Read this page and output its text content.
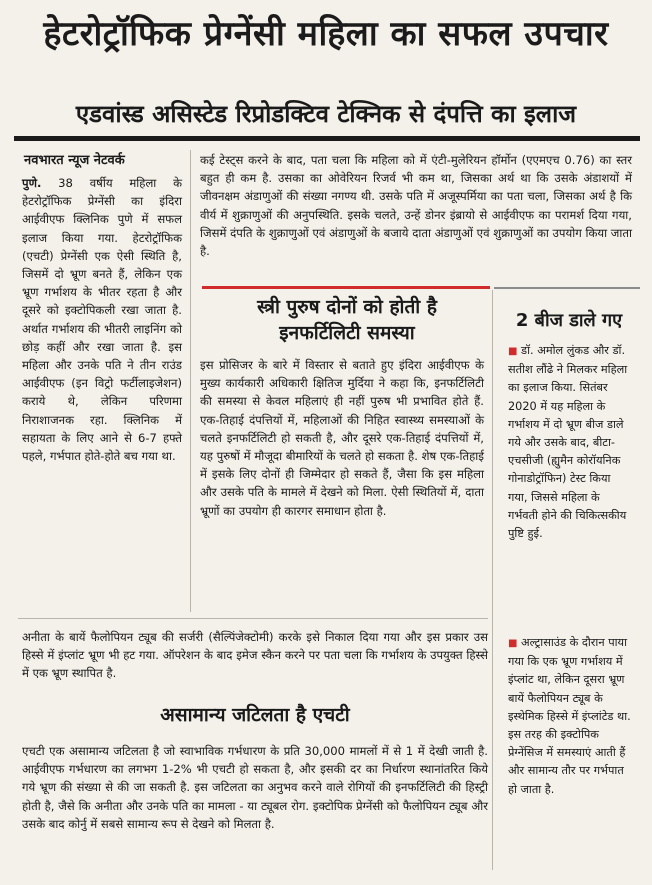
हेटरोट्रॉफिक प्रेग्नेंसी महिला का सफल उपचार
एडवांस्ड असिस्टेड रिप्रोडक्टिव टेक्निक से दंपत्ति का इलाज
नवभारत न्यूज नेटवर्क
पुणे. 38 वर्षीय महिला के हेटरोट्रॉफिक प्रेग्नेंसी का इंदिरा आईवीएफ क्लिनिक पुणे में सफल इलाज किया गया. हेटरोट्रॉफिक (एचटी) प्रेग्नेंसी एक ऐसी स्थिति है, जिसमें दो भ्रूण बनते हैं, लेकिन एक भ्रूण गर्भाशय के भीतर रहता है और दूसरे को इक्टोपिकली रखा जाता है. अर्थात गर्भाशय की भीतरी लाइनिंग को छोड़ कहीं और रखा जाता है. इस महिला और उनके पति ने तीन राउंड आईवीएफ (इन विट्रो फर्टीलाइजेशन) कराये थे, लेकिन परिणमा निराशाजनक रहा. क्लिनिक में सहायता के लिए आने से 6-7 हफ्ते पहले, गर्भपात होते-होते बच गया था.
कई टेस्ट्स करने के बाद, पता चला कि महिला को में एंटी-मुलेरियन हॉर्मोन (एएमएच 0.76) का स्तर बहुत ही कम है. उसका का ओवेरियन रिजर्व भी कम था, जिसका अर्थ था कि उसके अंडाशयों में जीवनक्षम अंडाणुओं की संख्या नगण्य थी. उसके पति में अजूस्पर्मिया का पता चला, जिसका अर्थ है कि वीर्य में शुक्राणुओं की अनुपस्थिति. इसके चलते, उन्हें डोनर इंब्रायो से आईवीएफ का परामर्श दिया गया, जिसमें दंपति के शुक्राणुओं एवं अंडाणुओं के बजाये दाता अंडाणुओं एवं शुक्राणुओं का उपयोग किया जाता है.
स्त्री पुरुष दोनों को होती है
इनफर्टिलिटी समस्या
इस प्रोसिजर के बारे में विस्तार से बताते हुए इंदिरा आईवीएफ के मुख्य कार्यकारी अधिकारी क्षितिज मुर्दिया ने कहा कि, इनफर्टिलिटी की समस्या से केवल महिलाएं ही नहीं पुरुष भी प्रभावित होते हैं. एक-तिहाई दंपत्तियों में, महिलाओं की निहित स्वास्थ्य समस्याओं के चलते इनफर्टिलिटी हो सकती है, और दूसरे एक-तिहाई दंपत्तियों में, यह पुरुषों में मौजूदा बीमारियों के चलते हो सकता है. शेष एक-तिहाई में इसके लिए दोनों ही जिम्मेदार हो सकते हैं, जैसा कि इस महिला और उसके पति के मामले में देखने को मिला. ऐसी स्थितियों में, दाता भ्रूणों का उपयोग ही कारगर समाधान होता है.
2 बीज डाले गए
■ डॉ. अमोल लुंकड और डॉ. सतीश लौंढे ने मिलकर महिला का इलाज किया. सितंबर 2020 में यह महिला के गर्भाशय में दो भ्रूण बीज डाले गये और उसके बाद, बीटा-एचसीजी (ह्युमैन कोरॉयनिक गोनाडोट्रॉफिन) टेस्ट किया गया, जिससे महिला के गर्भवती होने की चिकित्सकीय पुष्टि हुई.
■ अल्ट्रासाउंड के दौरान पाया गया कि एक भ्रूण गर्भाशय में इंप्लांट था, लेकिन दूसरा भ्रूण बायें फैलोपियन ट्यूब के इस्थेमिक हिस्से में इंप्लांटेड था. इस तरह की इक्टोपिक प्रेग्नेंसिज में समस्याएं आती हैं और सामान्य तौर पर गर्भपात हो जाता है.
अनीता के बायें फैलोपियन ट्यूब की सर्जरी (सैल्पिंजेक्टोमी) करके इसे निकाल दिया गया और इस प्रकार उस हिस्से में इंप्लांट भ्रूण भी हट गया. ऑपरेशन के बाद इमेज स्कैन करने पर पता चला कि गर्भाशय के उपयुक्त हिस्से में एक भ्रूण स्थापित है.
असामान्य जटिलता है एचटी
एचटी एक असामान्य जटिलता है जो स्वाभाविक गर्भधारण के प्रति 30,000 मामलों में से 1 में देखी जाती है. आईवीएफ गर्भधारण का लगभग 1-2% भी एचटी हो सकता है, और इसकी दर का निर्धारण स्थानांतरित किये गये भ्रूण की संख्या से की जा सकती है. इस जटिलता का अनुभव करने वाले रोगियों की इनफर्टिलिटी की हिस्ट्री होती है, जैसे कि अनीता और उनके पति का मामला - या ट्यूबल रोग. इक्टोपिक प्रेग्नेंसी को फैलोपियन ट्यूब और उसके बाद कोर्नु में सबसे सामान्य रूप से देखने को मिलता है.
